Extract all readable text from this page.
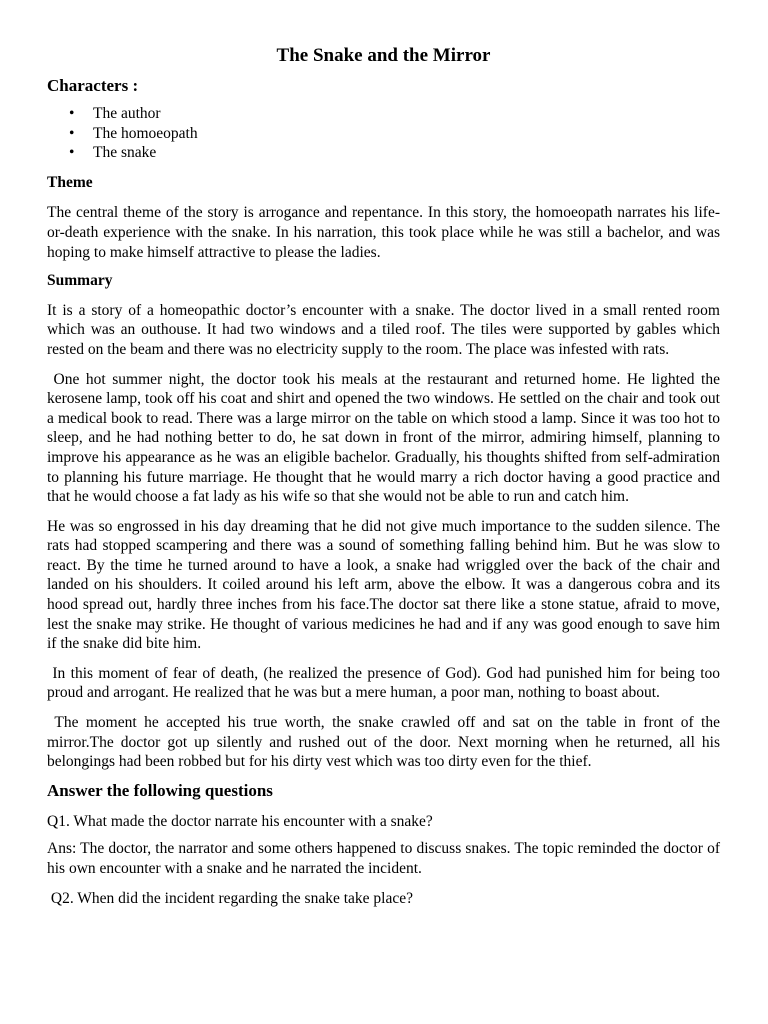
The Snake and the Mirror
Characters :
• The author
• The homoeopath
• The snake
Theme

The central theme of the story is arrogance and repentance. In this story, the homoeopath narrates his life-or-death experience with the snake. In his narration, this took place while he was still a bachelor, and was hoping to make himself attractive to please the ladies.

Summary

It is a story of a homeopathic doctor’s encounter with a snake. The doctor lived in a small rented room which was an outhouse. It had two windows and a tiled roof. The tiles were supported by gables which rested on the beam and there was no electricity supply to the room. The place was infested with rats.

One hot summer night, the doctor took his meals at the restaurant and returned home. He lighted the kerosene lamp, took off his coat and shirt and opened the two windows. He settled on the chair and took out a medical book to read. There was a large mirror on the table on which stood a lamp. Since it was too hot to sleep, and he had nothing better to do, he sat down in front of the mirror, admiring himself, planning to improve his appearance as he was an eligible bachelor. Gradually, his thoughts shifted from self-admiration to planning his future marriage. He thought that he would marry a rich doctor having a good practice and that he would choose a fat lady as his wife so that she would not be able to run and catch him.

He was so engrossed in his day dreaming that he did not give much importance to the sudden silence. The rats had stopped scampering and there was a sound of something falling behind him. But he was slow to react. By the time he turned around to have a look, a snake had wriggled over the back of the chair and landed on his shoulders. It coiled around his left arm, above the elbow. It was a dangerous cobra and its hood spread out, hardly three inches from his face.The doctor sat there like a stone statue, afraid to move, lest the snake may strike. He thought of various medicines he had and if any was good enough to save him if the snake did bite him.

In this moment of fear of death, (he realized the presence of God). God had punished him for being too proud and arrogant. He realized that he was but a mere human, a poor man, nothing to boast about.

The moment he accepted his true worth, the snake crawled off and sat on the table in front of the mirror.The doctor got up silently and rushed out of the door. Next morning when he returned, all his belongings had been robbed but for his dirty vest which was too dirty even for the thief.

Answer the following questions

Q1. What made the doctor narrate his encounter with a snake?

Ans: The doctor, the narrator and some others happened to discuss snakes. The topic reminded the doctor of his own encounter with a snake and he narrated the incident.

Q2. When did the incident regarding the snake take place?
